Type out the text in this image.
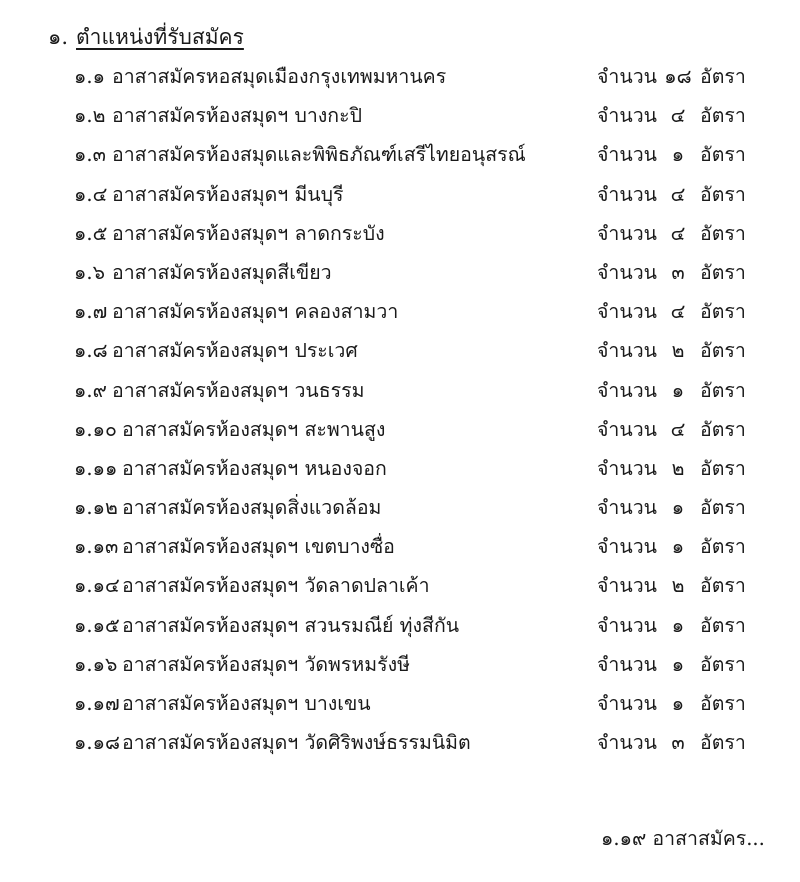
๑. ตำแหน่งที่รับสมัคร
๑.๑ อาสาสมัครหอสมุดเมืองกรุงเทพมหานคร	จำนวน ๑๘ อัตรา
๑.๒ อาสาสมัครห้องสมุดฯ บางกะปิ	จำนวน ๔ อัตรา
๑.๓ อาสาสมัครห้องสมุดและพิพิธภัณฑ์เสรีไทยอนุสรณ์	จำนวน ๑ อัตรา
๑.๔ อาสาสมัครห้องสมุดฯ มีนบุรี	จำนวน ๔ อัตรา
๑.๕ อาสาสมัครห้องสมุดฯ ลาดกระบัง	จำนวน ๔ อัตรา
๑.๖ อาสาสมัครห้องสมุดสีเขียว	จำนวน ๓ อัตรา
๑.๗ อาสาสมัครห้องสมุดฯ คลองสามวา	จำนวน ๔ อัตรา
๑.๘ อาสาสมัครห้องสมุดฯ ประเวศ	จำนวน ๒ อัตรา
๑.๙ อาสาสมัครห้องสมุดฯ วนธรรม	จำนวน ๑ อัตรา
๑.๑๐ อาสาสมัครห้องสมุดฯ สะพานสูง	จำนวน ๔ อัตรา
๑.๑๑ อาสาสมัครห้องสมุดฯ หนองจอก	จำนวน ๒ อัตรา
๑.๑๒ อาสาสมัครห้องสมุดสิ่งแวดล้อม	จำนวน ๑ อัตรา
๑.๑๓ อาสาสมัครห้องสมุดฯ เขตบางซื่อ	จำนวน ๑ อัตรา
๑.๑๔ อาสาสมัครห้องสมุดฯ วัดลาดปลาเค้า	จำนวน ๒ อัตรา
๑.๑๕ อาสาสมัครห้องสมุดฯ สวนรมณีย์ ทุ่งสีกัน	จำนวน ๑ อัตรา
๑.๑๖ อาสาสมัครห้องสมุดฯ วัดพรหมรังษี	จำนวน ๑ อัตรา
๑.๑๗ อาสาสมัครห้องสมุดฯ บางเขน	จำนวน ๑ อัตรา
๑.๑๘ อาสาสมัครห้องสมุดฯ วัดศิริพงษ์ธรรมนิมิต	จำนวน ๓ อัตรา
๑.๑๙ อาสาสมัคร...
